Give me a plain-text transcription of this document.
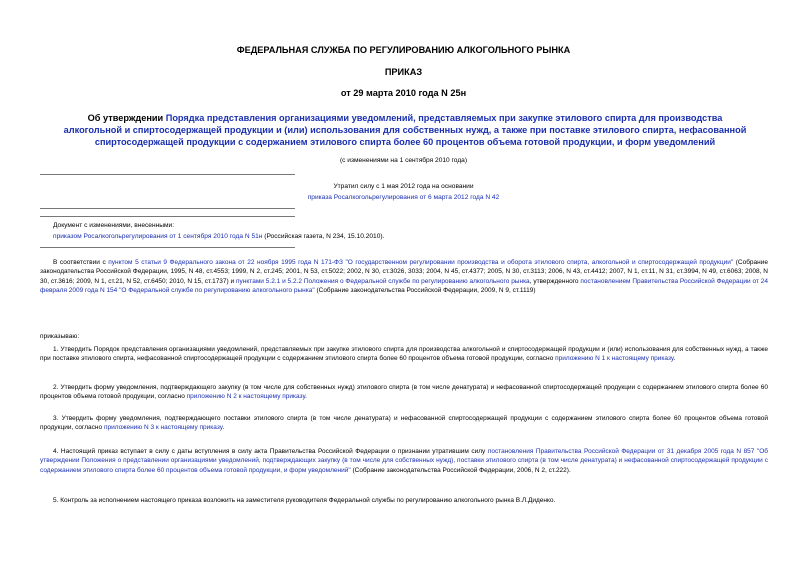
ФЕДЕРАЛЬНАЯ СЛУЖБА ПО РЕГУЛИРОВАНИЮ АЛКОГОЛЬНОГО РЫНКА
ПРИКАЗ
от 29 марта 2010 года N 25н
Об утверждении Порядка представления организациями уведомлений, представляемых при закупке этилового спирта для производства алкогольной и спиртосодержащей продукции и (или) использования для собственных нужд, а также при поставке этилового спирта, нефасованной спиртосодержащей продукции с содержанием этилового спирта более 60 процентов объема готовой продукции, и форм уведомлений
(с изменениями на 1 сентября 2010 года)
Утратил силу с 1 мая 2012 года на основании
приказа Росалкогольрегулирования от 6 марта 2012 года N 42
Документ с изменениями, внесенными:
приказом Росалкогольрегулирования от 1 сентября 2010 года N 51н (Российская газета, N 234, 15.10.2010).
В соответствии с пунктом 5 статьи 9 Федерального закона от 22 ноября 1995 года N 171-ФЗ "О государственном регулировании производства и оборота этилового спирта, алкогольной и спиртосодержащей продукции" (Собрание законодательства Российской Федерации, 1995, N 48, ст.4553; 1999, N 2, ст.245; 2001, N 53, ст.5022; 2002, N 30, ст.3026, 3033; 2004, N 45, ст.4377; 2005, N 30, ст.3113; 2006, N 43, ст.4412; 2007, N 1, ст.11, N 31, ст.3994, N 49, ст.6063; 2008, N 30, ст.3616; 2009, N 1, ст.21, N 52, ст.6450; 2010, N 15, ст.1737) и пунктами 5.2.1 и 5.2.2 Положения о Федеральной службе по регулированию алкогольного рынка, утвержденного постановлением Правительства Российской Федерации от 24 февраля 2009 года N 154 "О Федеральной службе по регулированию алкогольного рынка" (Собрание законодательства Российской Федерации, 2009, N 9, ст.1119)
приказываю:
1. Утвердить Порядок представления организациями уведомлений, представляемых при закупке этилового спирта для производства алкогольной и спиртосодержащей продукции и (или) использования для собственных нужд, а также при поставке этилового спирта, нефасованной спиртосодержащей продукции с содержанием этилового спирта более 60 процентов объема готовой продукции, согласно приложению N 1 к настоящему приказу.
2. Утвердить форму уведомления, подтверждающего закупку (в том числе для собственных нужд) этилового спирта (в том числе денатурата) и нефасованной спиртосодержащей продукции с содержанием этилового спирта более 60 процентов объема готовой продукции, согласно приложению N 2 к настоящему приказу.
3. Утвердить форму уведомления, подтверждающего поставки этилового спирта (в том числе денатурата) и нефасованной спиртосодержащей продукции с содержанием этилового спирта более 60 процентов объема готовой продукции, согласно приложению N 3 к настоящему приказу.
4. Настоящий приказ вступает в силу с даты вступления в силу акта Правительства Российской Федерации о признании утратившим силу постановления Правительства Российской Федерации от 31 декабря 2005 года N 857 "Об утверждении Положения о представлении организациями уведомлений, подтверждающих закупку (в том числе для собственных нужд), поставки этилового спирта (в том числе денатурата) и нефасованной спиртосодержащей продукции с содержанием этилового спирта более 60 процентов объема готовой продукции, и форм уведомлений" (Собрание законодательства Российской Федерации, 2006, N 2, ст.222).
5. Контроль за исполнением настоящего приказа возложить на заместителя руководителя Федеральной службы по регулированию алкогольного рынка В.Л.Диденко.
